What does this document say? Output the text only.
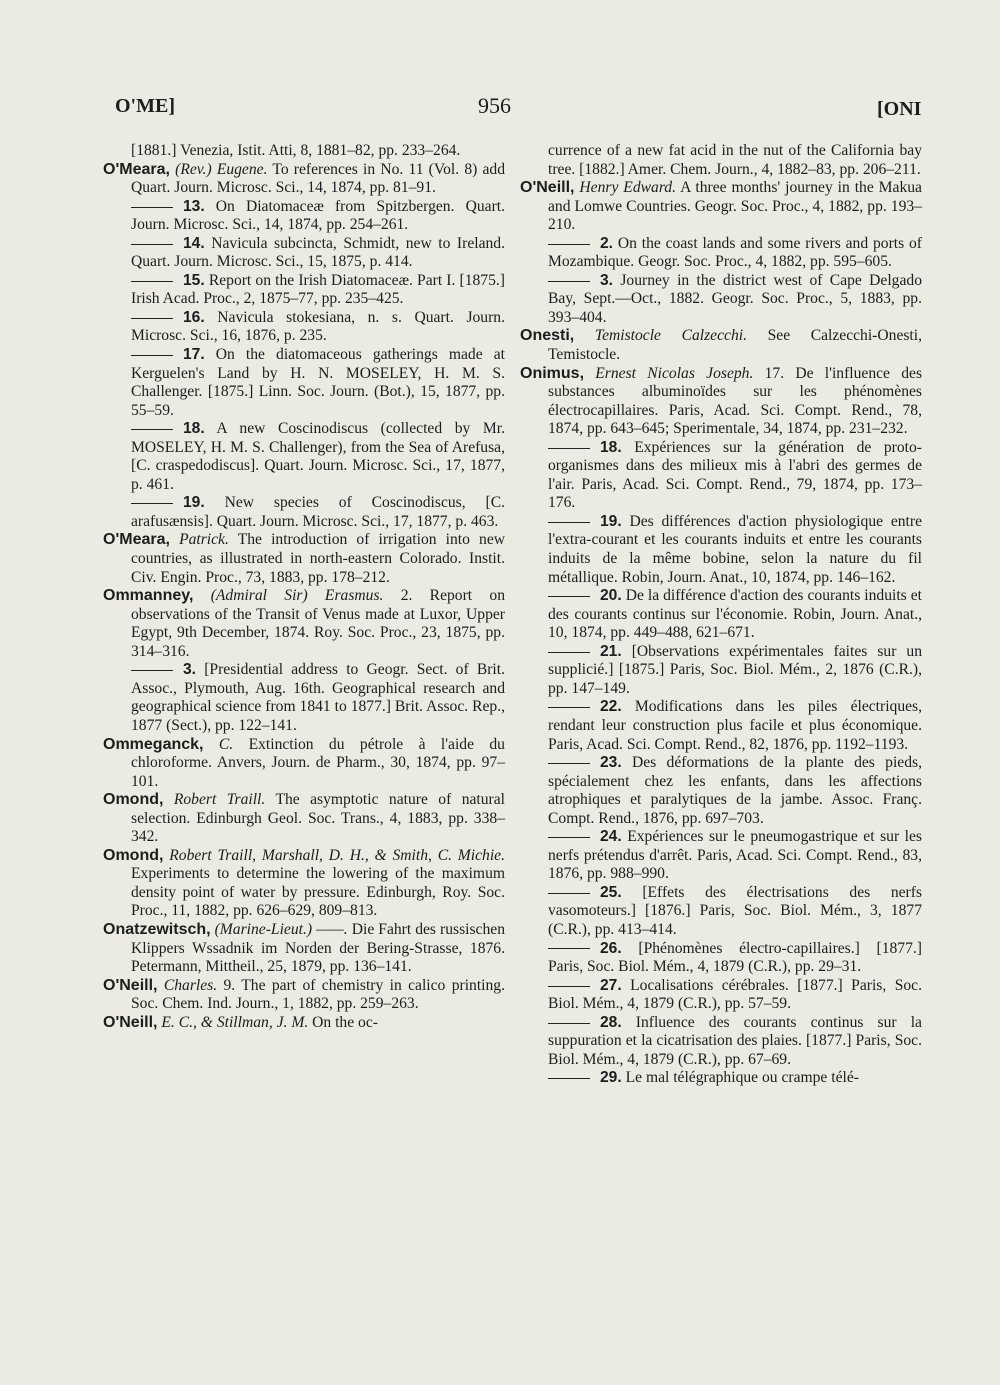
O'ME]	956	[ONI
[1881.] Venezia, Istit. Atti, 8, 1881–82, pp. 233–264.
O'Meara, (Rev.) Eugene. To references in No. 11 (Vol. 8) add Quart. Journ. Microsc. Sci., 14, 1874, pp. 81–91.
13. On Diatomaceæ from Spitzbergen. Quart. Journ. Microsc. Sci., 14, 1874, pp. 254–261.
14. Navicula subcincta, Schmidt, new to Ireland. Quart. Journ. Microsc. Sci., 15, 1875, p. 414.
15. Report on the Irish Diatomaceæ. Part I. [1875.] Irish Acad. Proc., 2, 1875–77, pp. 235–425.
16. Navicula stokesiana, n. s. Quart. Journ. Microsc. Sci., 16, 1876, p. 235.
17. On the diatomaceous gatherings made at Kerguelen's Land by H. N. MOSELEY, H. M. S. Challenger. [1875.] Linn. Soc. Journ. (Bot.), 15, 1877, pp. 55–59.
18. A new Coscinodiscus (collected by Mr. MOSELEY, H. M. S. Challenger), from the Sea of Arefusa, [C. craspedodiscus]. Quart. Journ. Microsc. Sci., 17, 1877, p. 461.
19. New species of Coscinodiscus, [C. arafusænsis]. Quart. Journ. Microsc. Sci., 17, 1877, p. 463.
O'Meara, Patrick. The introduction of irrigation into new countries, as illustrated in north-eastern Colorado. Instit. Civ. Engin. Proc., 73, 1883, pp. 178–212.
Ommanney, (Admiral Sir) Erasmus. 2. Report on observations of the Transit of Venus made at Luxor, Upper Egypt, 9th December, 1874. Roy. Soc. Proc., 23, 1875, pp. 314–316.
3. [Presidential address to Geogr. Sect. of Brit. Assoc., Plymouth, Aug. 16th. Geographical research and geographical science from 1841 to 1877.] Brit. Assoc. Rep., 1877 (Sect.), pp. 122–141.
Ommeganck, C. Extinction du pétrole à l'aide du chloroforme. Anvers, Journ. de Pharm., 30, 1874, pp. 97–101.
Omond, Robert Traill. The asymptotic nature of natural selection. Edinburgh Geol. Soc. Trans., 4, 1883, pp. 338–342.
Omond, Robert Traill, Marshall, D. H., & Smith, C. Michie. Experiments to determine the lowering of the maximum density point of water by pressure. Edinburgh, Roy. Soc. Proc., 11, 1882, pp. 626–629, 809–813.
Onatzewitsch, (Marine-Lieut.) ——. Die Fahrt des russischen Klippers Wssadnik im Norden der Bering-Strasse, 1876. Petermann, Mittheil., 25, 1879, pp. 136–141.
O'Neill, Charles. 9. The part of chemistry in calico printing. Soc. Chem. Ind. Journ., 1, 1882, pp. 259–263.
O'Neill, E. C., & Stillman, J. M. On the oc-
currence of a new fat acid in the nut of the California bay tree. [1882.] Amer. Chem. Journ., 4, 1882–83, pp. 206–211.
O'Neill, Henry Edward. A three months' journey in the Makua and Lomwe Countries. Geogr. Soc. Proc., 4, 1882, pp. 193–210.
2. On the coast lands and some rivers and ports of Mozambique. Geogr. Soc. Proc., 4, 1882, pp. 595–605.
3. Journey in the district west of Cape Delgado Bay, Sept.—Oct., 1882. Geogr. Soc. Proc., 5, 1883, pp. 393–404.
Onesti, Temistocle Calzecchi. See Calzecchi-Onesti, Temistocle.
Onimus, Ernest Nicolas Joseph. 17. De l'influence des substances albuminoïdes sur les phénomènes électrocapillaires. Paris, Acad. Sci. Compt. Rend., 78, 1874, pp. 643–645; Sperimentale, 34, 1874, pp. 231–232.
18. Expériences sur la génération de proto-organismes dans des milieux mis à l'abri des germes de l'air. Paris, Acad. Sci. Compt. Rend., 79, 1874, pp. 173–176.
19. Des différences d'action physiologique entre l'extra-courant et les courants induits et entre les courants induits de la même bobine, selon la nature du fil métallique. Robin, Journ. Anat., 10, 1874, pp. 146–162.
20. De la différence d'action des courants induits et des courants continus sur l'économie. Robin, Journ. Anat., 10, 1874, pp. 449–488, 621–671.
21. [Observations expérimentales faites sur un supplicié.] [1875.] Paris, Soc. Biol. Mém., 2, 1876 (C.R.), pp. 147–149.
22. Modifications dans les piles électriques, rendant leur construction plus facile et plus économique. Paris, Acad. Sci. Compt. Rend., 82, 1876, pp. 1192–1193.
23. Des déformations de la plante des pieds, spécialement chez les enfants, dans les affections atrophiques et paralytiques de la jambe. Assoc. Franç. Compt. Rend., 1876, pp. 697–703.
24. Expériences sur le pneumogastrique et sur les nerfs prétendus d'arrêt. Paris, Acad. Sci. Compt. Rend., 83, 1876, pp. 988–990.
25. [Effets des électrisations des nerfs vasomoteurs.] [1876.] Paris, Soc. Biol. Mém., 3, 1877 (C.R.), pp. 413–414.
26. [Phénomènes électro-capillaires.] [1877.] Paris, Soc. Biol. Mém., 4, 1879 (C.R.), pp. 29–31.
27. Localisations cérébrales. [1877.] Paris, Soc. Biol. Mém., 4, 1879 (C.R.), pp. 57–59.
28. Influence des courants continus sur la suppuration et la cicatrisation des plaies. [1877.] Paris, Soc. Biol. Mém., 4, 1879 (C.R.), pp. 67–69.
29. Le mal télégraphique ou crampe télé-
